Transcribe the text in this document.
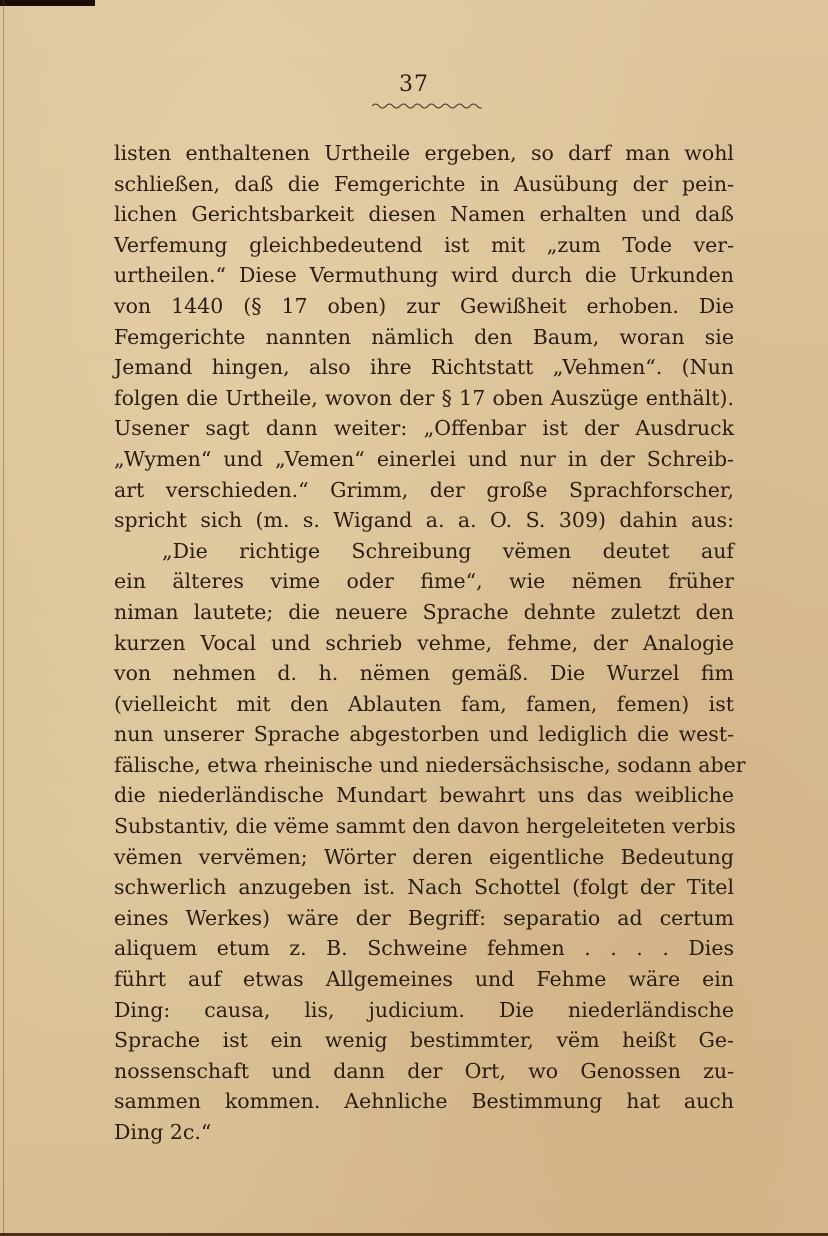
37
listen enthaltenen Urtheile ergeben, so darf man wohl
schließen, daß die Femgerichte in Ausübung der pein-
lichen Gerichtsbarkeit diesen Namen erhalten und daß
Verfemung gleichbedeutend ist mit „zum Tode ver-
urtheilen.“ Diese Vermuthung wird durch die Urkunden
von 1440 (§ 17 oben) zur Gewißheit erhoben. Die
Femgerichte nannten nämlich den Baum, woran sie
Jemand hingen, also ihre Richtstatt „Vehmen“. (Nun
folgen die Urtheile, wovon der § 17 oben Auszüge enthält).
Usener sagt dann weiter: „Offenbar ist der Ausdruck
„Wymen“ und „Vemen“ einerlei und nur in der Schreib-
art verschieden.“ Grimm, der große Sprachforscher,
spricht sich (m. s. Wigand a. a. O. S. 309) dahin aus:
„Die richtige Schreibung vëmen deutet auf
ein älteres vime oder fime“, wie nëmen früher
niman lautete; die neuere Sprache dehnte zuletzt den
kurzen Vocal und schrieb vehme, fehme, der Analogie
von nehmen d. h. nëmen gemäß. Die Wurzel fim
(vielleicht mit den Ablauten fam, famen, femen) ist
nun unserer Sprache abgestorben und lediglich die west-
fälische, etwa rheinische und niedersächsische, sodann aber
die niederländische Mundart bewahrt uns das weibliche
Substantiv, die vëme sammt den davon hergeleiteten verbis
vëmen vervëmen; Wörter deren eigentliche Bedeutung
schwerlich anzugeben ist. Nach Schottel (folgt der Titel
eines Werkes) wäre der Begriff: separatio ad certum
aliquem etum z. B. Schweine fehmen . . . . Dies
führt auf etwas Allgemeines und Fehme wäre ein
Ding: causa, lis, judicium. Die niederländische
Sprache ist ein wenig bestimmter, vëm heißt Ge-
nossenschaft und dann der Ort, wo Genossen zu-
sammen kommen. Aehnliche Bestimmung hat auch
Ding 2c.“
